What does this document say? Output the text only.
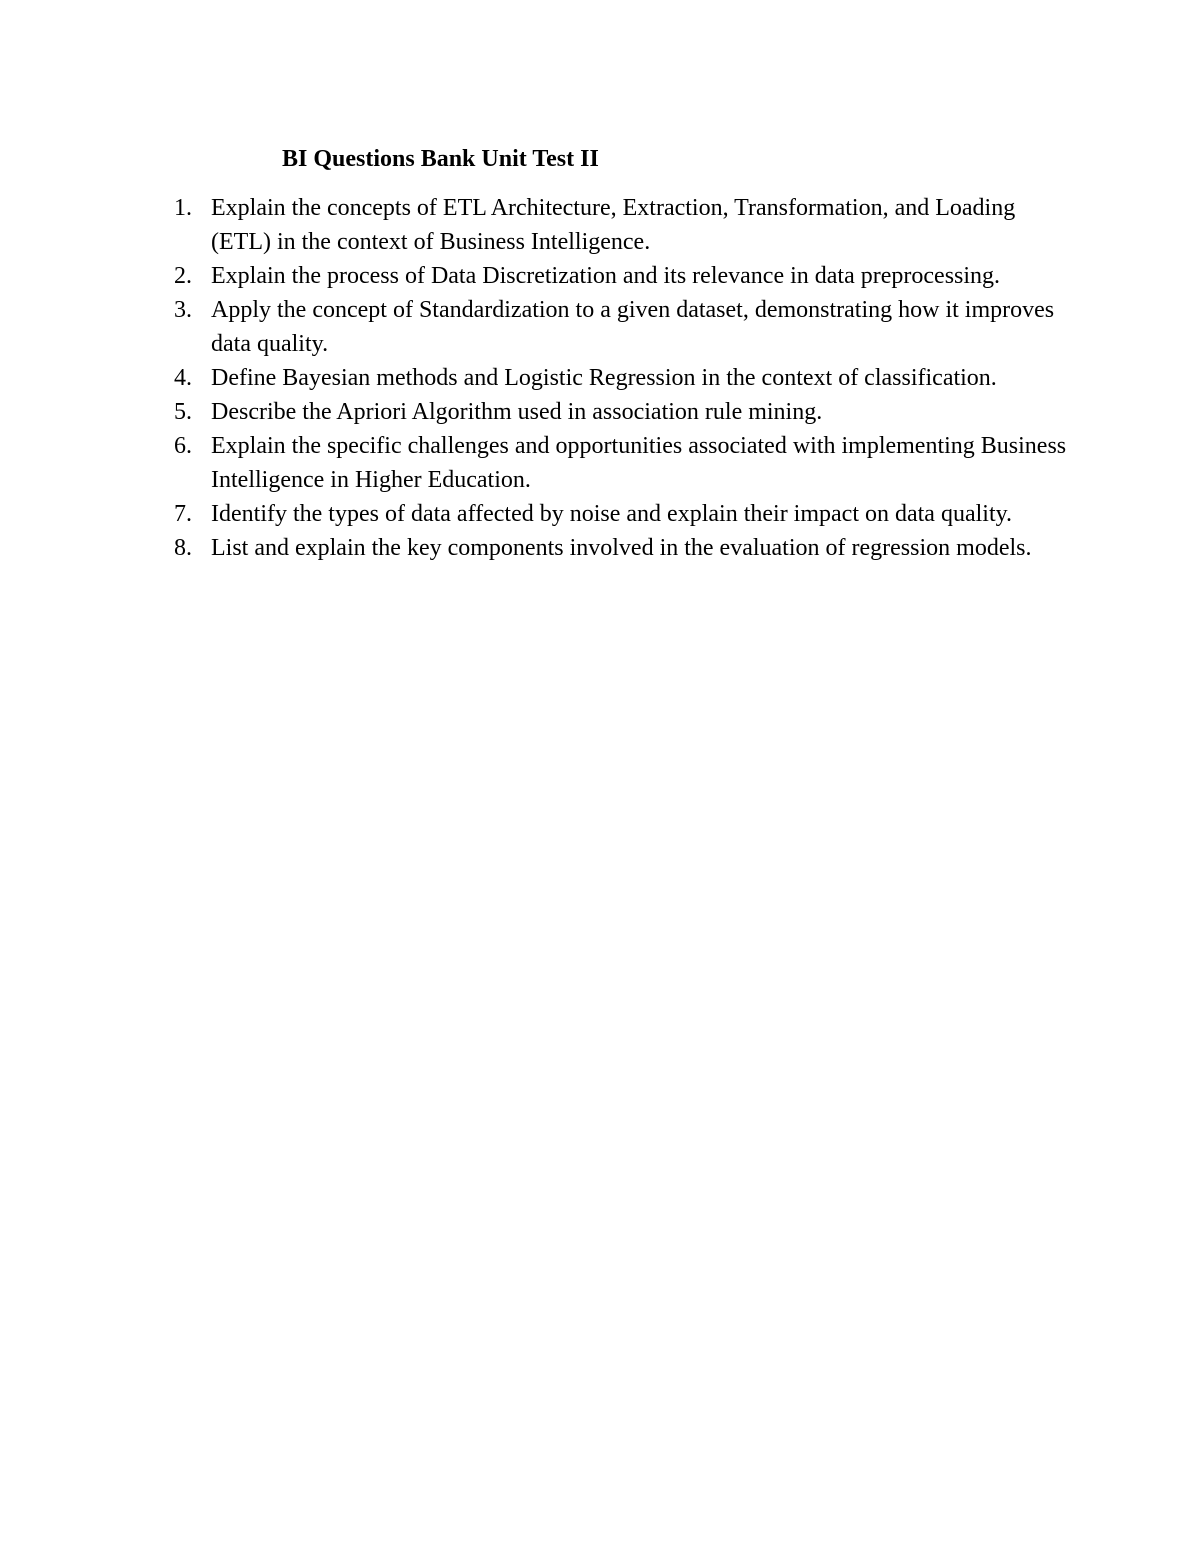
BI Questions Bank Unit Test II
1. Explain the concepts of ETL Architecture, Extraction, Transformation, and Loading (ETL) in the context of Business Intelligence.
2. Explain the process of Data Discretization and its relevance in data preprocessing.
3. Apply the concept of Standardization to a given dataset, demonstrating how it improves data quality.
4. Define Bayesian methods and Logistic Regression in the context of classification.
5. Describe the Apriori Algorithm used in association rule mining.
6. Explain the specific challenges and opportunities associated with implementing Business Intelligence in Higher Education.
7. Identify the types of data affected by noise and explain their impact on data quality.
8. List and explain the key components involved in the evaluation of regression models.
